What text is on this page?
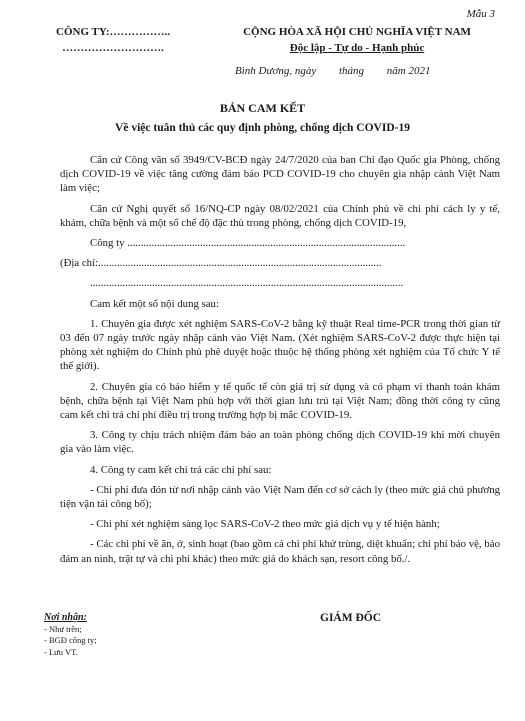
Mẫu 3
CÔNG TY:……………..
……………………….
CỘNG HÒA XÃ HỘI CHỦ NGHĨA VIỆT NAM
Độc lập - Tự do - Hạnh phúc
Bình Dương, ngày tháng năm 2021
BẢN CAM KẾT
Về việc tuân thủ các quy định phòng, chống dịch COVID-19

Căn cứ Công văn số 3949/CV-BCĐ ngày 24/7/2020 của ban Chỉ đạo Quốc gia Phòng, chống dịch COVID-19 về việc tăng cường đảm bảo PCD COVID-19 cho chuyên gia nhập cảnh Việt Nam làm việc;

Căn cứ Nghị quyết số 16/NQ-CP ngày 08/02/2021 của Chính phủ về chi phí cách ly y tế, khám, chữa bệnh và một số chế độ đặc thù trong phòng, chống dịch COVID-19,

Công ty .......................................................................................................

(Địa chỉ:.........................................................................................................

....................................................................................................................

Cam kết một số nội dung sau:

1. Chuyên gia được xét nghiệm SARS-CoV-2 bằng kỹ thuật Real time-PCR trong thời gian từ 03 đến 07 ngày trước ngày nhập cảnh vào Việt Nam. (Xét nghiệm SARS-CoV-2 được thực hiện tại phòng xét nghiệm do Chính phủ phê duyệt hoặc thuộc hệ thống phòng xét nghiệm của Tổ chức Y tế thế giới).

2. Chuyên gia có bảo hiểm y tế quốc tế còn giá trị sử dụng và có phạm vi thanh toán khám bệnh, chữa bệnh tại Việt Nam phù hợp với thời gian lưu trú tại Việt Nam; đồng thời công ty cũng cam kết chi trả chi phí điều trị trong trường hợp bị mắc COVID-19.

3. Công ty chịu trách nhiệm đảm bảo an toàn phòng chống dịch COVID-19 khi mời chuyên gia vào làm việc.

4. Công ty cam kết chi trả các chi phí sau:

- Chi phí đưa đón từ nơi nhập cảnh vào Việt Nam đến cơ sở cách ly (theo mức giá chủ phương tiện vận tải công bố);

- Chi phí xét nghiệm sàng lọc SARS-CoV-2 theo mức giá dịch vụ y tế hiện hành;

- Các chi phí về ăn, ở, sinh hoạt (bao gồm cả chi phí khử trùng, diệt khuẩn; chi phí bảo vệ, bảo đảm an ninh, trật tự và chi phí khác) theo mức giá do khách sạn, resort công bố./.

Nơi nhận:
- Như trên;
- BGĐ công ty;
- Lưu VT.
GIÁM ĐỐC
